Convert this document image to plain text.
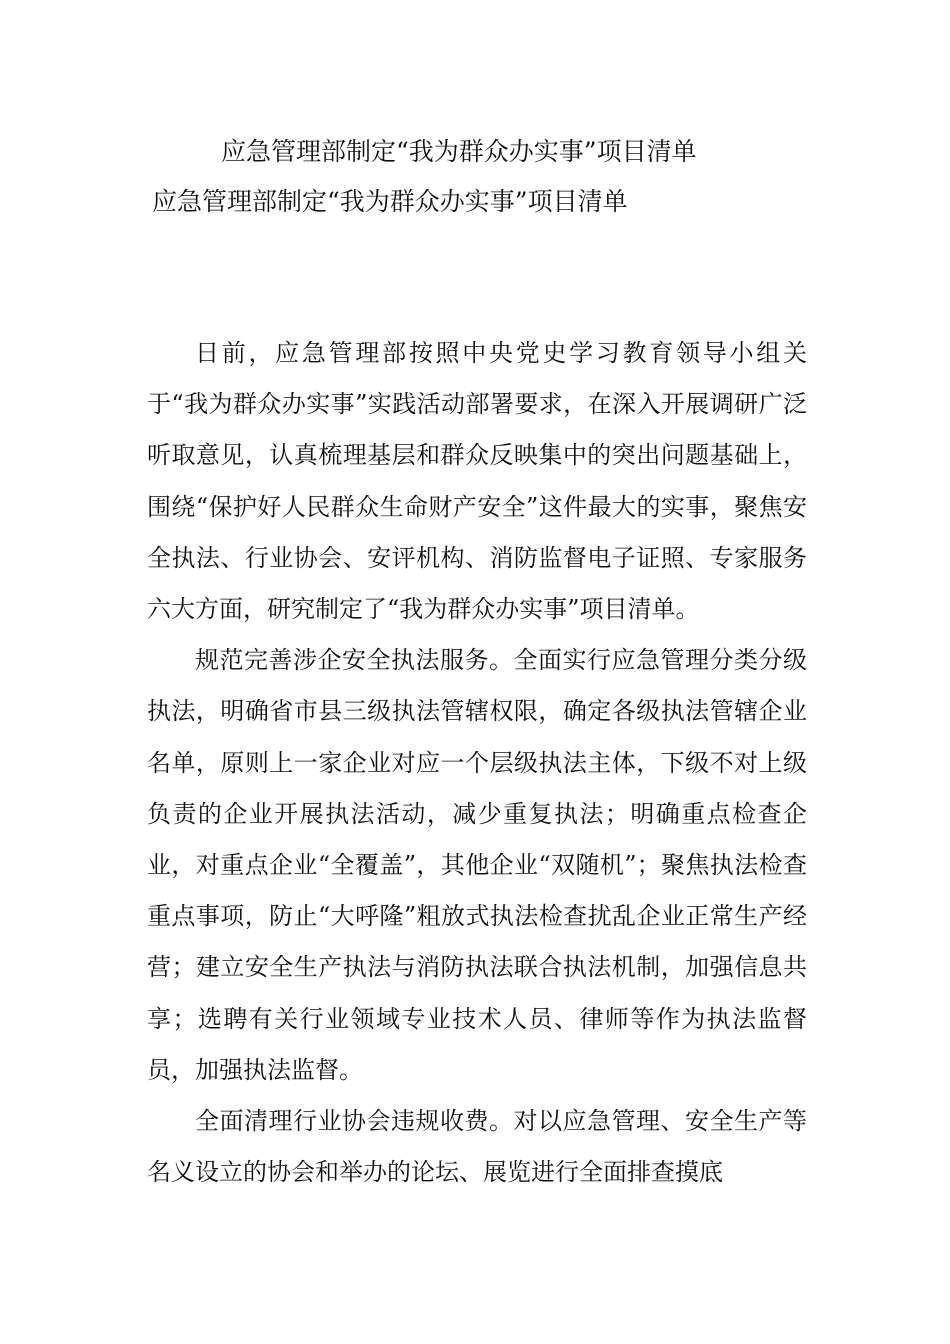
应急管理部制定“我为群众办实事”项目清单
应急管理部制定“我为群众办实事”项目清单

日前，应急管理部按照中央党史学习教育领导小组关于“我为群众办实事”实践活动部署要求，在深入开展调研广泛听取意见，认真梳理基层和群众反映集中的突出问题基础上，围绕“保护好人民群众生命财产安全”这件最大的实事，聚焦安全执法、行业协会、安评机构、消防监督电子证照、专家服务六大方面，研究制定了“我为群众办实事”项目清单。

规范完善涉企安全执法服务。全面实行应急管理分类分级执法，明确省市县三级执法管辖权限，确定各级执法管辖企业名单，原则上一家企业对应一个层级执法主体，下级不对上级负责的企业开展执法活动，减少重复执法；明确重点检查企业，对重点企业“全覆盖”，其他企业“双随机”；聚焦执法检查重点事项，防止“大呼隆”粗放式执法检查扰乱企业正常生产经营；建立安全生产执法与消防执法联合执法机制，加强信息共享；选聘有关行业领域专业技术人员、律师等作为执法监督员，加强执法监督。

全面清理行业协会违规收费。对以应急管理、安全生产等名义设立的协会和举办的论坛、展览进行全面排查摸底
